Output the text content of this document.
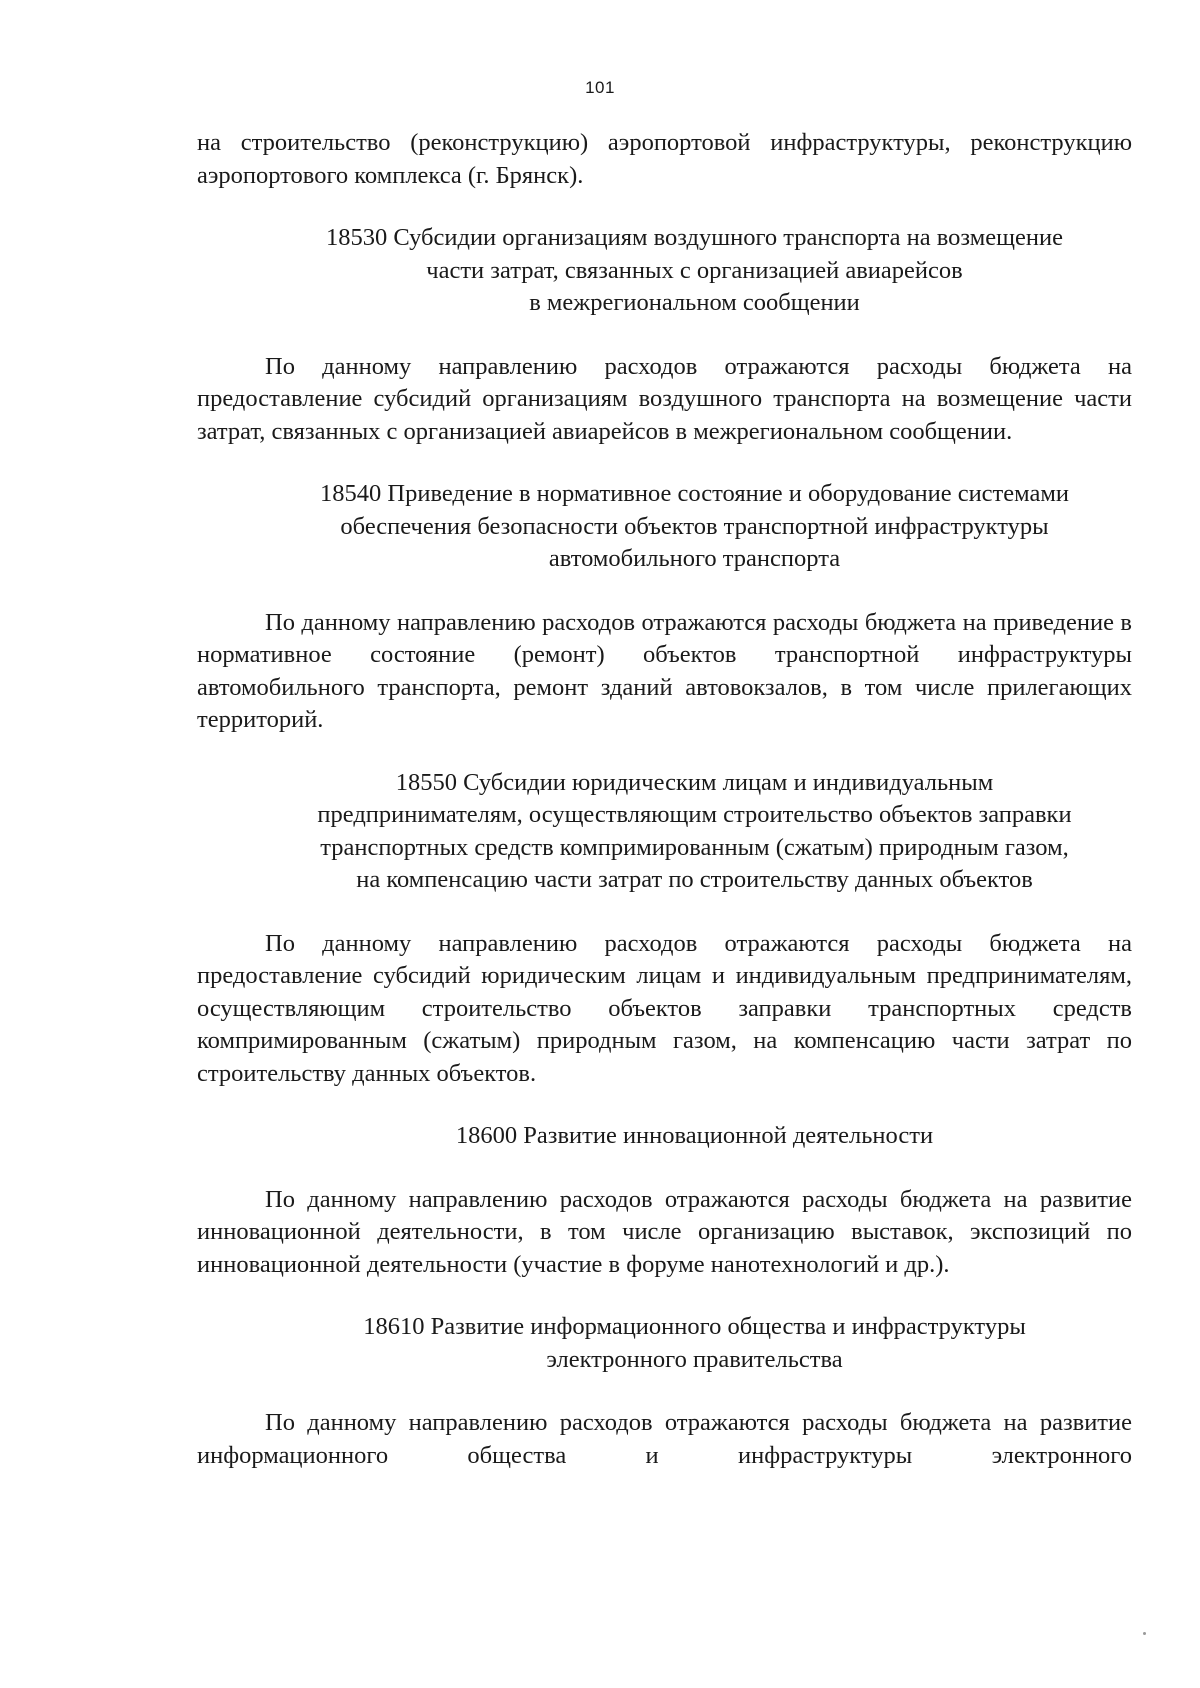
101

на строительство (реконструкцию) аэропортовой инфраструктуры, реконструкцию аэропортового комплекса (г. Брянск).

18530 Субсидии организациям воздушного транспорта на возмещение
части затрат, связанных с организацией авиарейсов
в межрегиональном сообщении

По данному направлению расходов отражаются расходы бюджета на предоставление субсидий организациям воздушного транспорта на возмещение части затрат, связанных с организацией авиарейсов в межрегиональном сообщении.

18540 Приведение в нормативное состояние и оборудование системами
обеспечения безопасности объектов транспортной инфраструктуры
автомобильного транспорта

По данному направлению расходов отражаются расходы бюджета на приведение в нормативное состояние (ремонт) объектов транспортной инфраструктуры автомобильного транспорта, ремонт зданий автовокзалов, в том числе прилегающих территорий.

18550 Субсидии юридическим лицам и индивидуальным
предпринимателям, осуществляющим строительство объектов заправки
транспортных средств компримированным (сжатым) природным газом,
на компенсацию части затрат по строительству данных объектов

По данному направлению расходов отражаются расходы бюджета на предоставление субсидий юридическим лицам и индивидуальным предпринимателям, осуществляющим строительство объектов заправки транспортных средств компримированным (сжатым) природным газом, на компенсацию части затрат по строительству данных объектов.

18600 Развитие инновационной деятельности

По данному направлению расходов отражаются расходы бюджета на развитие инновационной деятельности, в том числе организацию выставок, экспозиций по инновационной деятельности (участие в форуме нанотехнологий и др.).

18610 Развитие информационного общества и инфраструктуры
электронного правительства

По данному направлению расходов отражаются расходы бюджета на развитие информационного общества и инфраструктуры электронного
